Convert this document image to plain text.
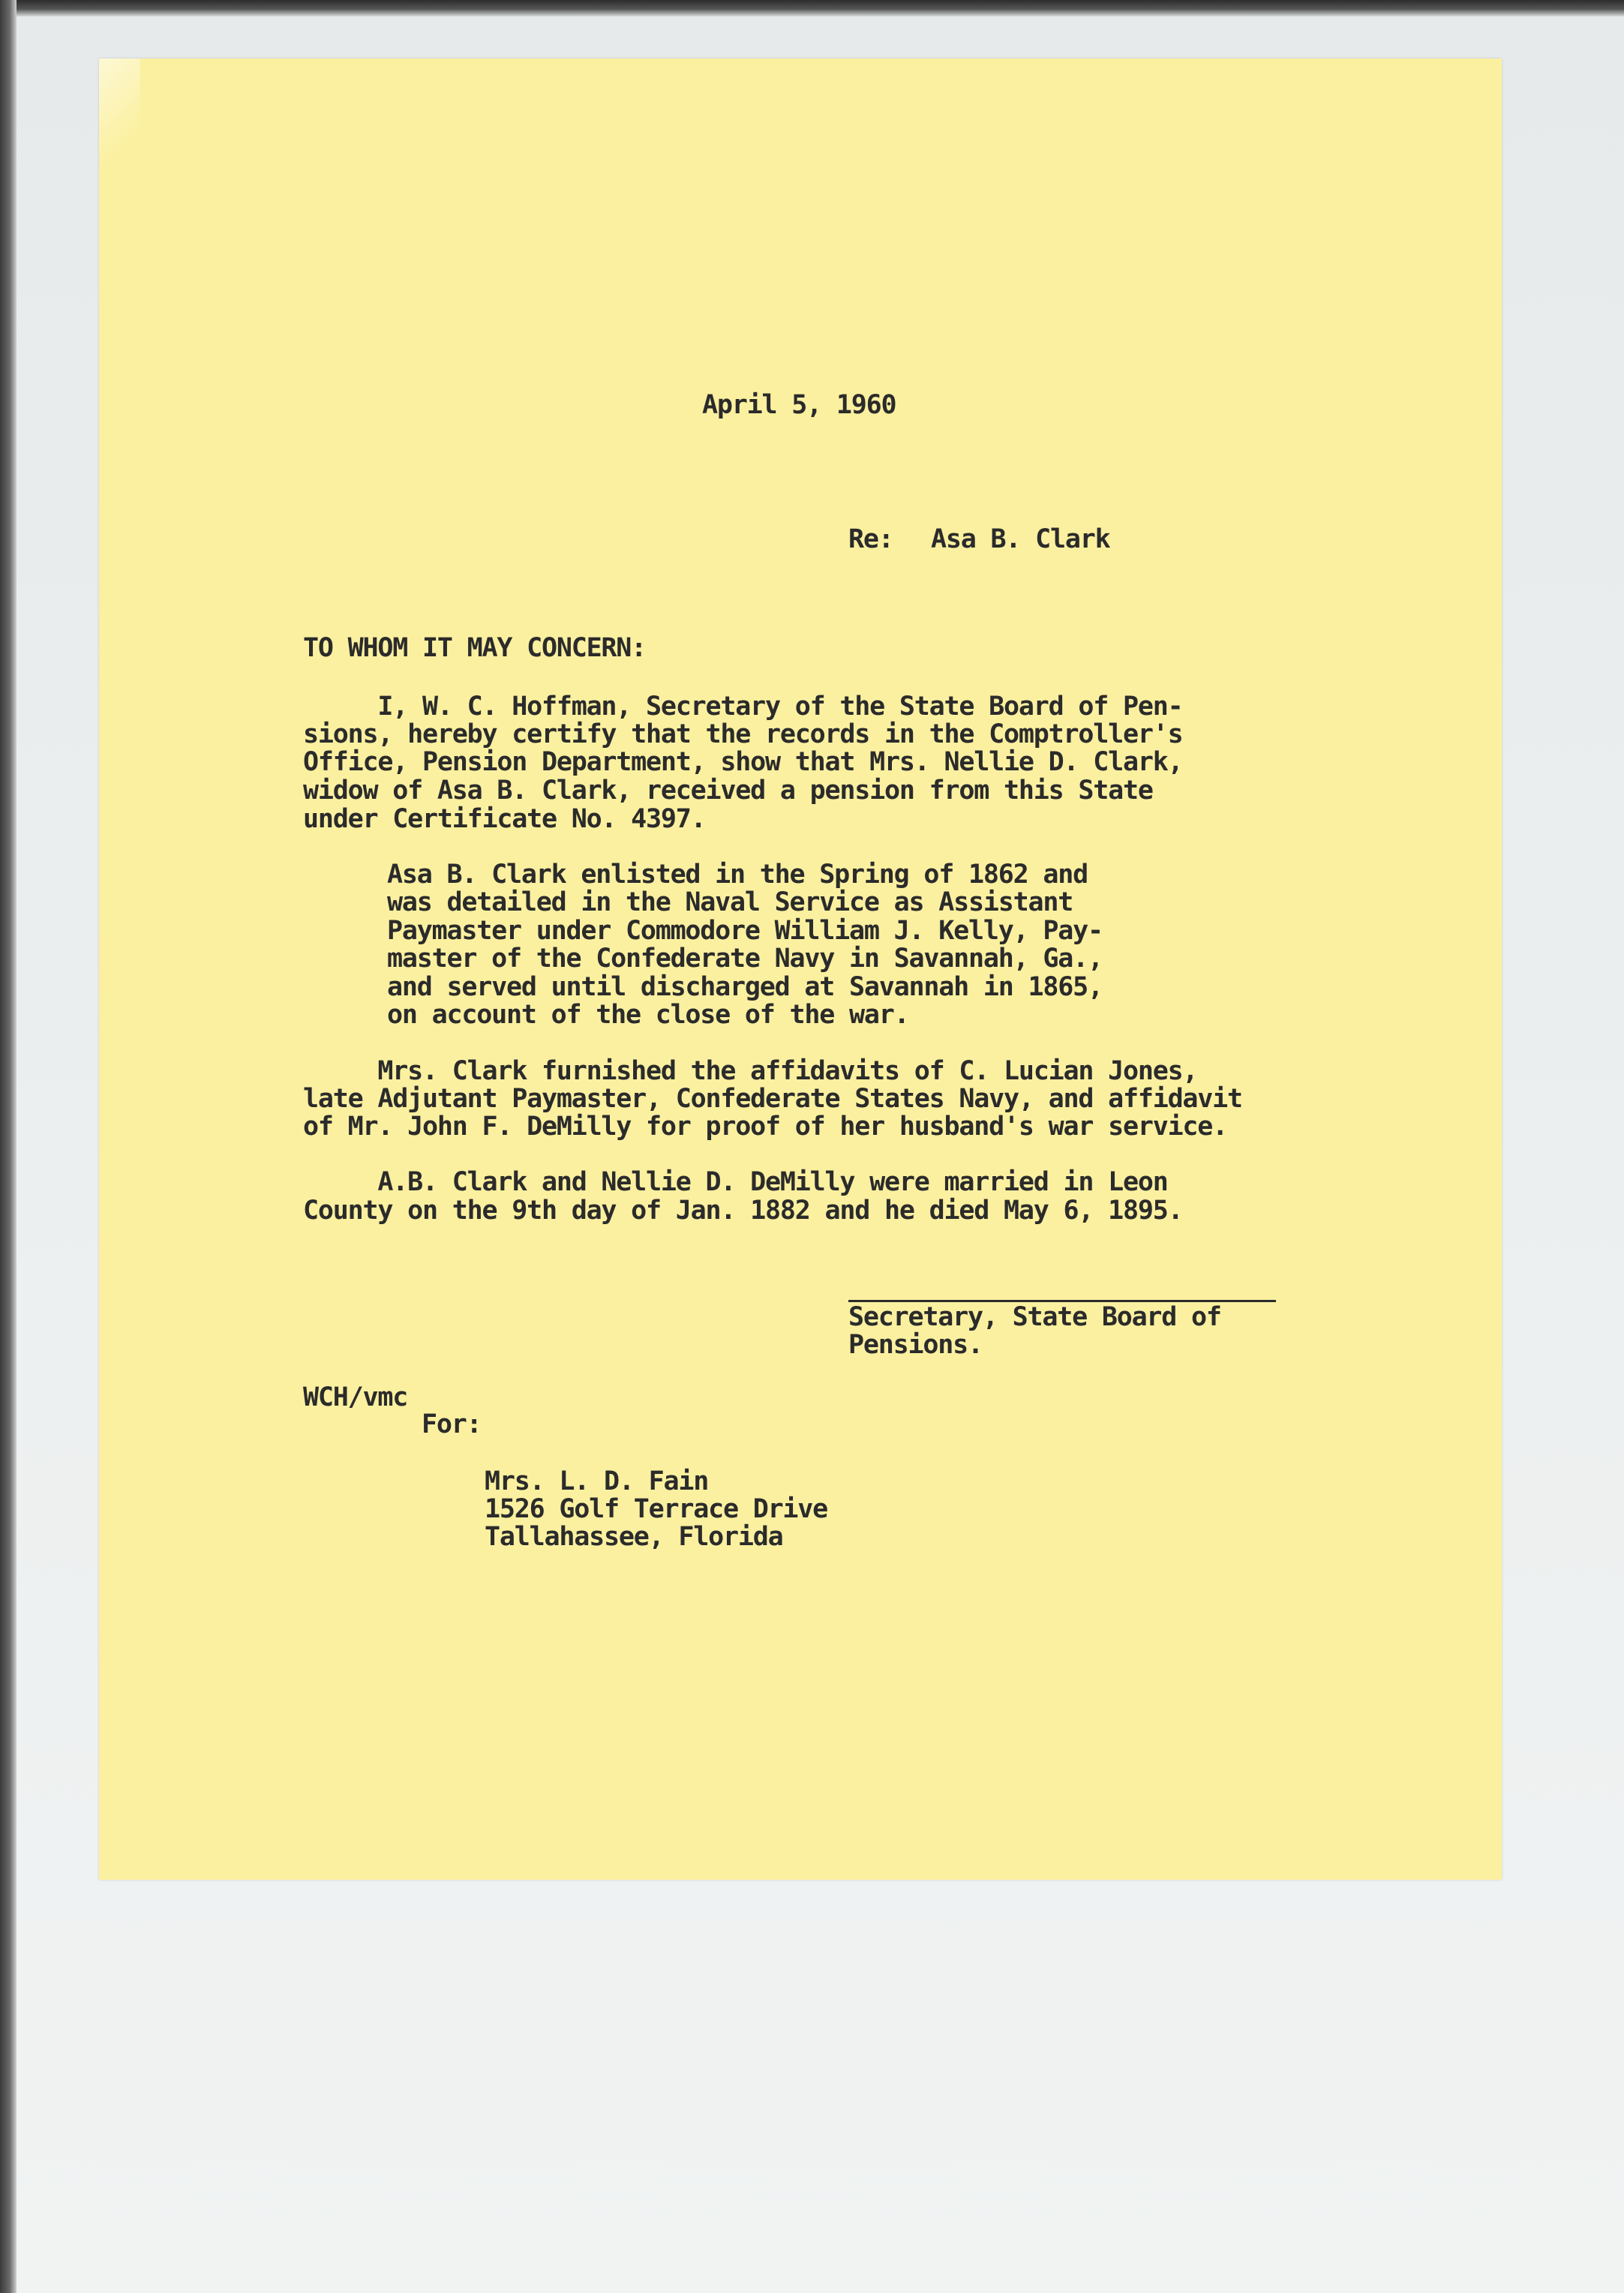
April 5, 1960
Re: Asa B. Clark
TO WHOM IT MAY CONCERN:
I, W. C. Hoffman, Secretary of the State Board of Pen-
sions, hereby certify that the records in the Comptroller's
Office, Pension Department, show that Mrs. Nellie D. Clark,
widow of Asa B. Clark, received a pension from this State
under Certificate No. 4397.
Asa B. Clark enlisted in the Spring of 1862 and
was detailed in the Naval Service as Assistant
Paymaster under Commodore William J. Kelly, Pay-
master of the Confederate Navy in Savannah, Ga.,
and served until discharged at Savannah in 1865,
on account of the close of the war.
Mrs. Clark furnished the affidavits of C. Lucian Jones,
late Adjutant Paymaster, Confederate States Navy, and affidavit
of Mr. John F. DeMilly for proof of her husband's war service.
A.B. Clark and Nellie D. DeMilly were married in Leon
County on the 9th day of Jan. 1882 and he died May 6, 1895.
Secretary, State Board of
Pensions.
WCH/vmc
For:
Mrs. L. D. Fain
1526 Golf Terrace Drive
Tallahassee, Florida
